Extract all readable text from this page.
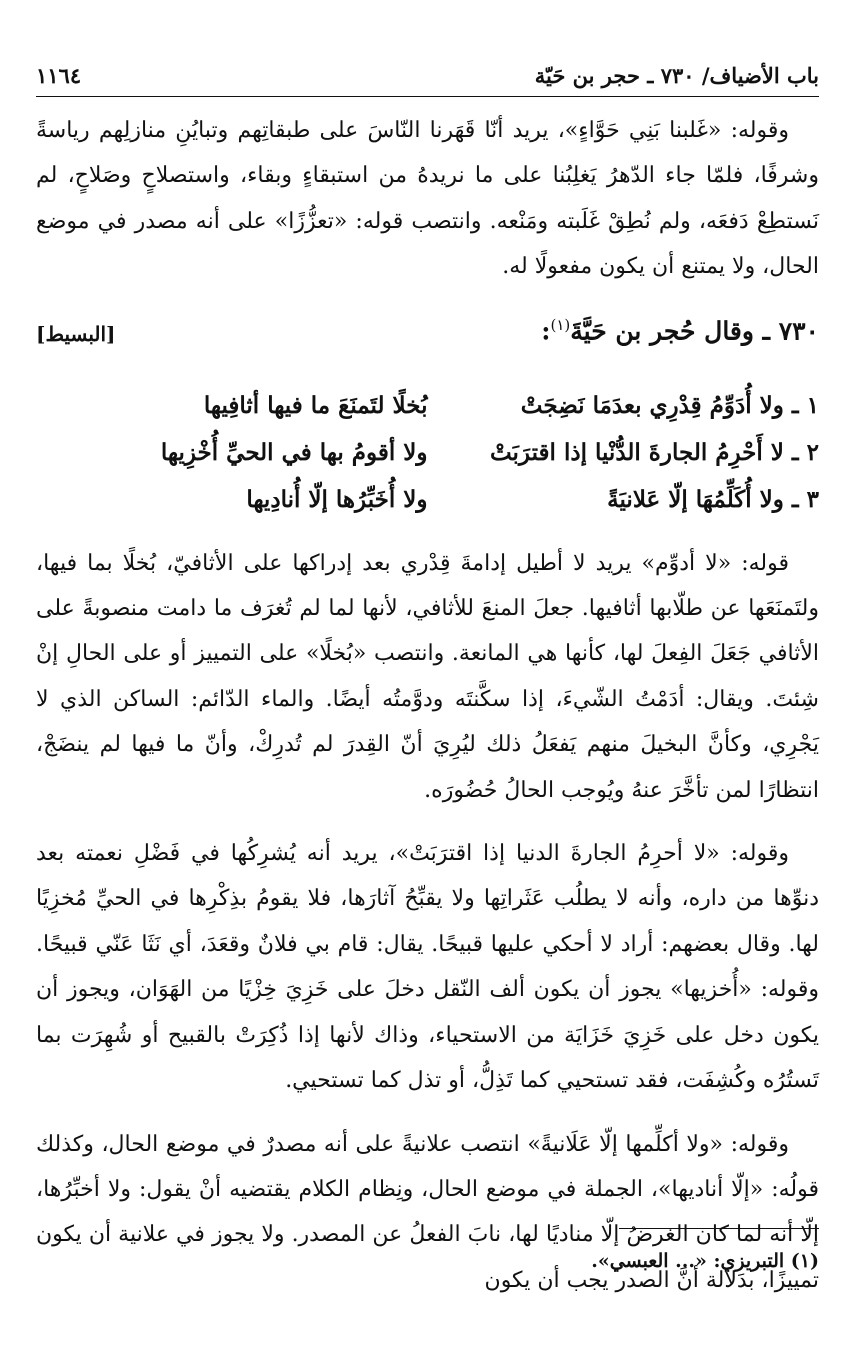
باب الأضياف/ ٧٣٠ ـ حجر بن حَيّة
١١٦٤

وقوله: «غَلبنا بَنِي حَوَّاءٍ»، يريد أنّا قَهَرنا النّاسَ على طبقاتِهم وتبايُنِ منازلِهم رياسةً وشرفًا، فلمّا جاء الدّهرُ يَغلِبُنا على ما نريدهُ من استبقاءٍ وبقاء، واستصلاحٍ وصَلاحٍ، لم نَستطِعْ دَفعَه، ولم نُطِقْ غَلَبته ومَنْعه. وانتصب قوله: «تعزُّزًا» على أنه مصدر في موضع الحال، ولا يمتنع أن يكون مفعولًا له.

٧٣٠ ـ وقال حُجر بن حَيَّةَ$^{(١)}$:
[البسيط]
١ ـ ولا أُدَوِّمُ قِدْرِي بعدَمَا نَضِجَتْ
بُخلًا لتَمنَعَ ما فيها أثافِيها
٢ ـ لا أَحْرِمُ الجارةَ الدُّنْيا إذا اقترَبَتْ
ولا أقومُ بها في الحيِّ أُخْزِيها
٣ ـ ولا أُكَلِّمُهَا إلّا عَلانيَةً
ولا أُخَبِّرُها إلّا أُنادِيها

قوله: «لا أدوِّم» يريد لا أطيل إدامةَ قِدْري بعد إدراكها على الأثافيّ، بُخلًا بما فيها، ولتَمنَعَها عن طلّابها أثافيها. جعلَ المنعَ للأثافي، لأنها لما لم تُغرَف ما دامت منصوبةً على الأثافي جَعَلَ الفِعلَ لها، كأنها هي المانعة. وانتصب «بُخلًا» على التمييز أو على الحالِ إنْ شِئتَ. ويقال: أدَمْتُ الشّيءَ، إذا سكَّنتَه ودوَّمتُه أيضًا. والماء الدّائم: الساكن الذي لا يَجْرِي، وكأنَّ البخيلَ منهم يَفعَلُ ذلك ليُرِيَ أنّ القِدرَ لم تُدرِكْ، وأنّ ما فيها لم ينضَجْ، انتظارًا لمن تأخَّرَ عنهُ ويُوجب الحالُ حُضُورَه.

وقوله: «لا أحرِمُ الجارةَ الدنيا إذا اقترَبَتْ»، يريد أنه يُشرِكُها في فَضْلِ نعمته بعد دنوِّها من داره، وأنه لا يطلُب عَثَراتِها ولا يقبِّحُ آثارَها، فلا يقومُ بذِكْرِها في الحيِّ مُخزِيًا لها. وقال بعضهم: أراد لا أحكي عليها قبيحًا. يقال: قام بي فلانٌ وقعَدَ، أي نَثَا عَنّي قبيحًا. وقوله: «أُخزيها» يجوز أن يكون ألف النّقل دخلَ على خَزِيَ خِزْيًا من الهَوَان، ويجوز أن يكون دخل على خَزِيَ خَزَايَة من الاستحياء، وذاك لأنها إذا ذُكِرَتْ بالقبيح أو شُهِرَت بما تَستُرُه وكُشِفَت، فقد تستحيي كما تَذِلُّ، أو تذل كما تستحيي.

وقوله: «ولا أكلِّمها إلّا عَلَانيةً» انتصب علانيةً على أنه مصدرٌ في موضع الحال، وكذلك قولُه: «إلّا أناديها»، الجملة في موضع الحال، ونِظام الكلام يقتضيه أنْ يقول: ولا أخبِّرُها، إلّا أنه لما كان الغرضُ إلّا مناديًا لها، نابَ الفعلُ عن المصدر. ولا يجوز في علانية أن يكون تمييزًا، بدَلالة أنَّ الصدر يجب أن يكون

(١) التبريزي: «... العبسي».
